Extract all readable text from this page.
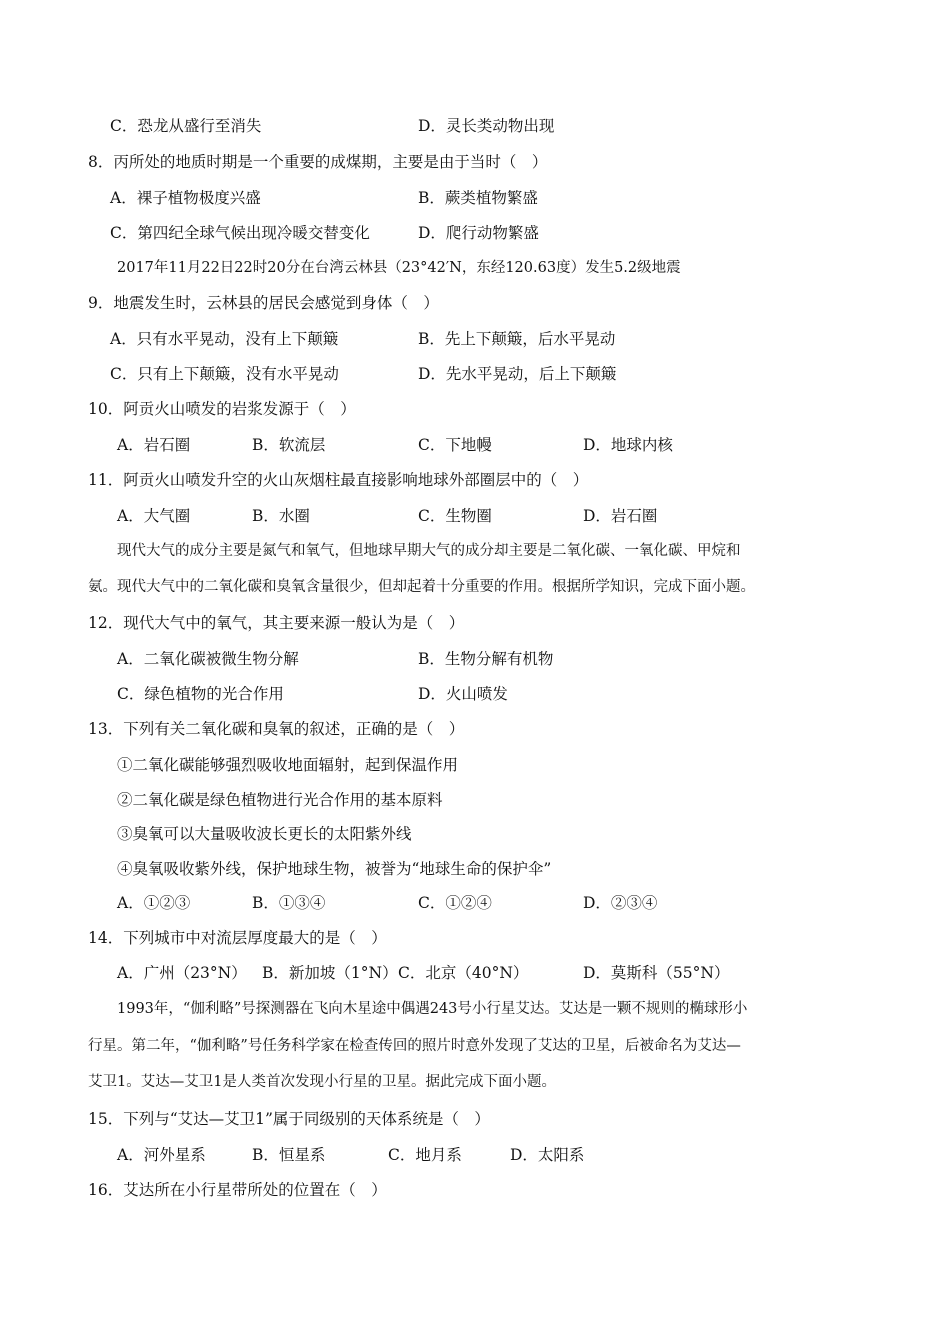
C．恐龙从盛行至消失	D．灵长类动物出现
8．丙所处的地质时期是一个重要的成煤期，主要是由于当时（　）
A．裸子植物极度兴盛	B．蕨类植物繁盛
C．第四纪全球气候出现冷暖交替变化	D．爬行动物繁盛
2017年11月22日22时20分在台湾云林县（23°42′N，东经120.63度）发生5.2级地震
9．地震发生时，云林县的居民会感觉到身体（　）
A．只有水平晃动，没有上下颠簸	B．先上下颠簸，后水平晃动
C．只有上下颠簸，没有水平晃动	D．先水平晃动，后上下颠簸
10．阿贡火山喷发的岩浆发源于（　）
A．岩石圈	B．软流层	C．下地幔	D．地球内核
11．阿贡火山喷发升空的火山灰烟柱最直接影响地球外部圈层中的（　）
A．大气圈	B．水圈	C．生物圈	D．岩石圈
现代大气的成分主要是氮气和氧气，但地球早期大气的成分却主要是二氧化碳、一氧化碳、甲烷和
氨。现代大气中的二氧化碳和臭氧含量很少，但却起着十分重要的作用。根据所学知识，完成下面小题。
12．现代大气中的氧气，其主要来源一般认为是（　）
A．二氧化碳被微生物分解	B．生物分解有机物
C．绿色植物的光合作用	D．火山喷发
13．下列有关二氧化碳和臭氧的叙述，正确的是（　）
①二氧化碳能够强烈吸收地面辐射，起到保温作用
②二氧化碳是绿色植物进行光合作用的基本原料
③臭氧可以大量吸收波长更长的太阳紫外线
④臭氧吸收紫外线，保护地球生物，被誉为“地球生命的保护伞”
A．①②③	B．①③④	C．①②④	D．②③④
14．下列城市中对流层厚度最大的是（　）
A．广州（23°N） B．新加坡（1°N） C．北京（40°N）	D．莫斯科（55°N）
1993年，“伽利略”号探测器在飞向木星途中偶遇243号小行星艾达。艾达是一颗不规则的椭球形小
行星。第二年，“伽利略”号任务科学家在检查传回的照片时意外发现了艾达的卫星，后被命名为艾达—
艾卫1。艾达—艾卫1是人类首次发现小行星的卫星。据此完成下面小题。
15．下列与“艾达—艾卫1”属于同级别的天体系统是（　）
A．河外星系	B．恒星系	C．地月系	D．太阳系
16．艾达所在小行星带所处的位置在（　）
